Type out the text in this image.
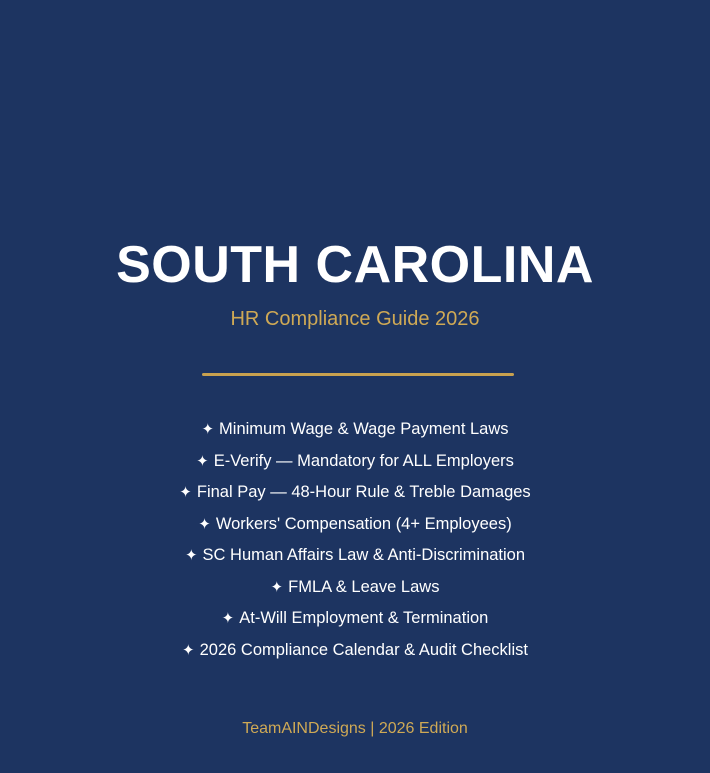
SOUTH CAROLINA
HR Compliance Guide 2026
✦ Minimum Wage & Wage Payment Laws
✦ E-Verify — Mandatory for ALL Employers
✦ Final Pay — 48-Hour Rule & Treble Damages
✦ Workers' Compensation (4+ Employees)
✦ SC Human Affairs Law & Anti-Discrimination
✦ FMLA & Leave Laws
✦ At-Will Employment & Termination
✦ 2026 Compliance Calendar & Audit Checklist
TeamAINDesigns | 2026 Edition
